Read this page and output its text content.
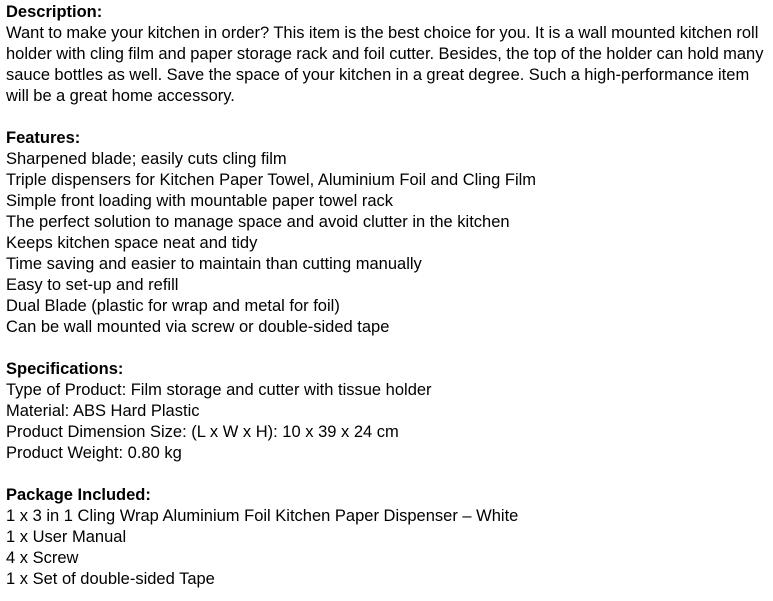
Description:

Want to make your kitchen in order? This item is the best choice for you. It is a wall mounted kitchen roll holder with cling film and paper storage rack and foil cutter. Besides, the top of the holder can hold many sauce bottles as well. Save the space of your kitchen in a great degree. Such a high-performance item will be a great home accessory.

Features:
Sharpened blade; easily cuts cling film
Triple dispensers for Kitchen Paper Towel, Aluminium Foil and Cling Film
Simple front loading with mountable paper towel rack
The perfect solution to manage space and avoid clutter in the kitchen
Keeps kitchen space neat and tidy
Time saving and easier to maintain than cutting manually
Easy to set-up and refill
Dual Blade (plastic for wrap and metal for foil)
Can be wall mounted via screw or double-sided tape
Specifications:
Type of Product: Film storage and cutter with tissue holder
Material: ABS Hard Plastic
Product Dimension Size: (L x W x H): 10 x 39 x 24 cm
Product Weight: 0.80 kg
Package Included:
1 x 3 in 1 Cling Wrap Aluminium Foil Kitchen Paper Dispenser – White
1 x User Manual
4 x Screw
1 x Set of double-sided Tape
